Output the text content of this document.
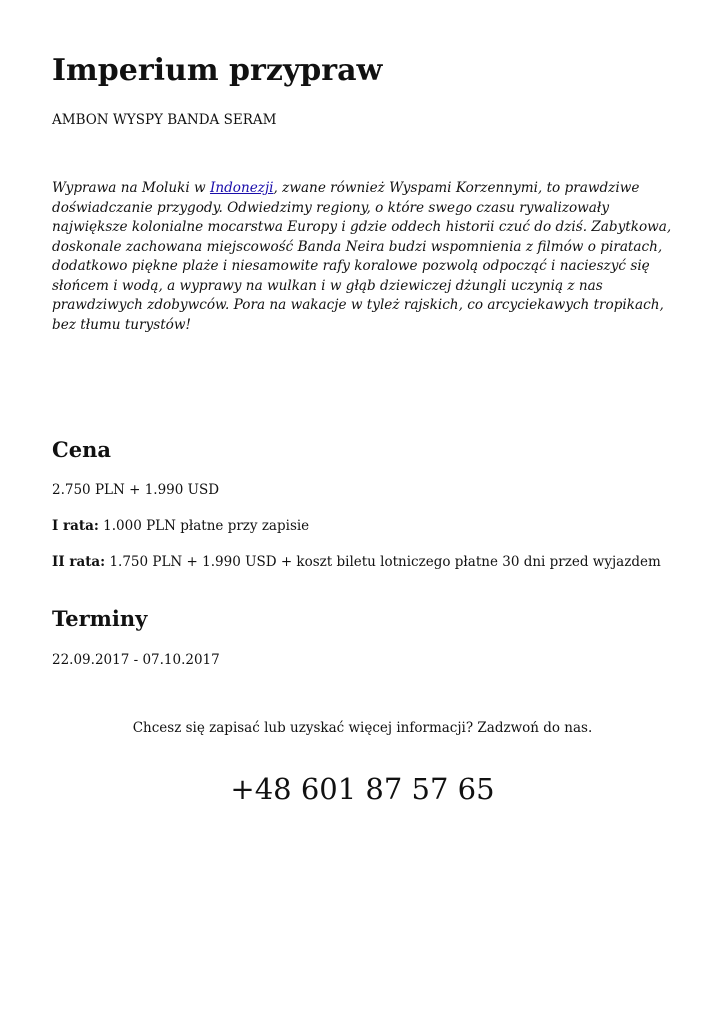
Imperium przypraw

AMBON WYSPY BANDA SERAM

Wyprawa na Moluki w Indonezji, zwane również Wyspami Korzennymi, to prawdziwe doświadczanie przygody. Odwiedzimy regiony, o które swego czasu rywalizowały największe kolonialne mocarstwa Europy i gdzie oddech historii czuć do dziś. Zabytkowa, doskonale zachowana miejscowość Banda Neira budzi wspomnienia z filmów o piratach, dodatkowo piękne plaże i niesamowite rafy koralowe pozwolą odpocząć i nacieszyć się słońcem i wodą, a wyprawy na wulkan i w głąb dziewiczej dżungli uczynią z nas prawdziwych zdobywców. Pora na wakacje w tyleż rajskich, co arcyciekawych tropikach, bez tłumu turystów!

Cena

2.750 PLN + 1.990 USD

I rata: 1.000 PLN płatne przy zapisie

II rata: 1.750 PLN + 1.990 USD + koszt biletu lotniczego płatne 30 dni przed wyjazdem

Terminy

22.09.2017 - 07.10.2017

Chcesz się zapisać lub uzyskać więcej informacji? Zadzwoń do nas.

+48 601 87 57 65
